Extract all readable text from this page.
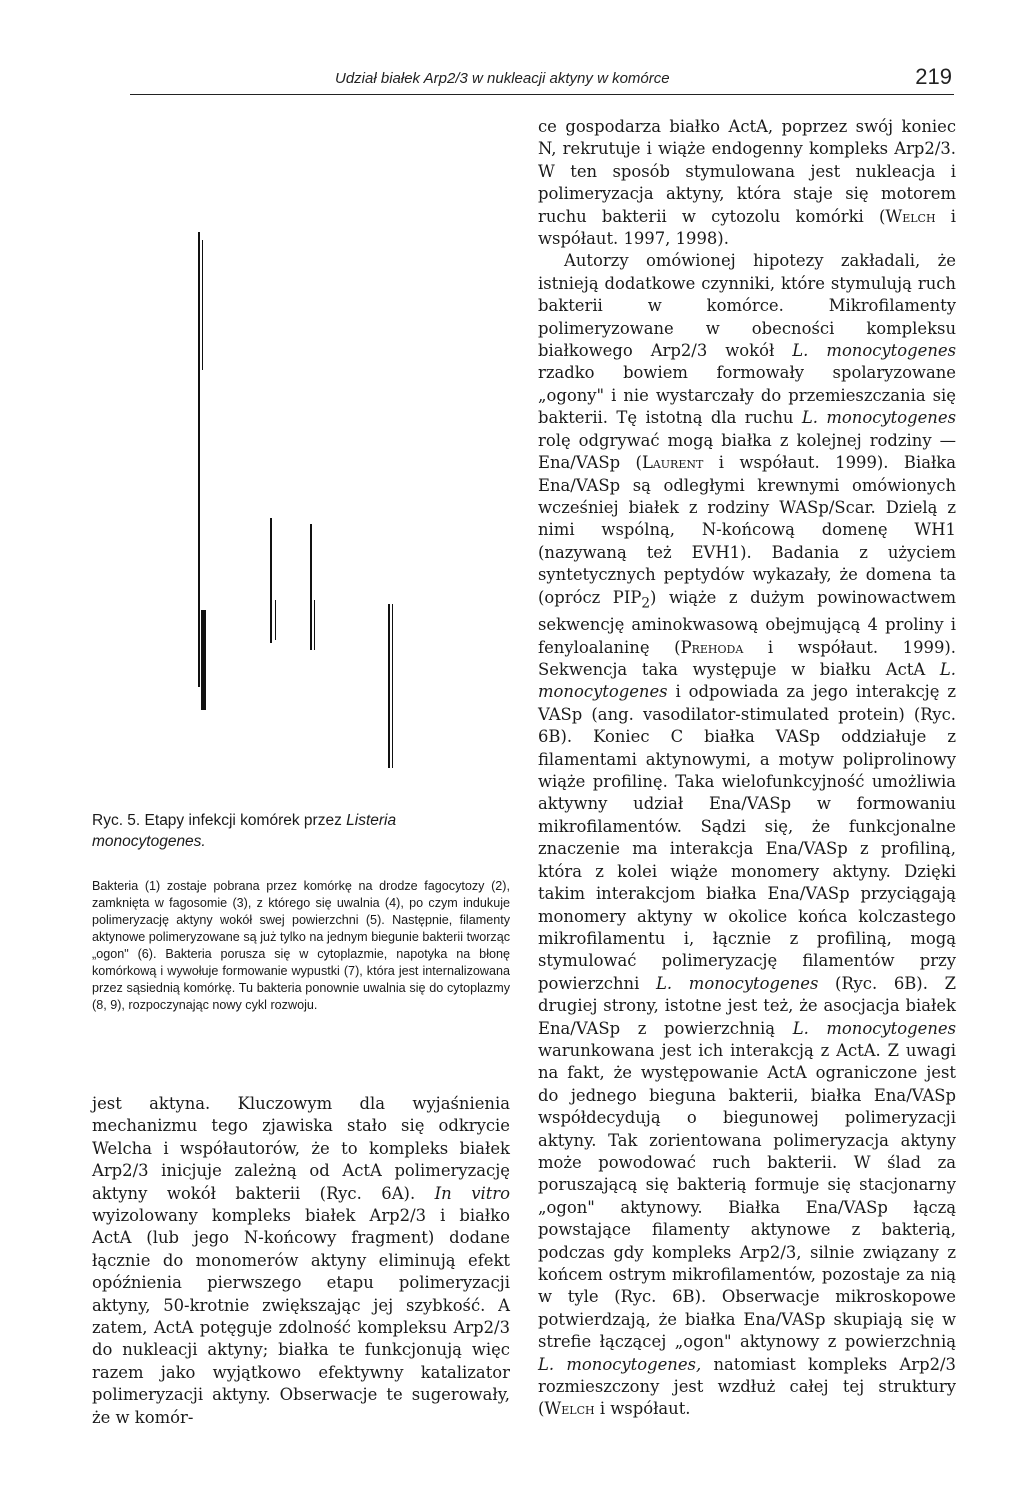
Udział białek Arp2/3 w nukleacji aktyny w komórce	219

ce gospodarza białko ActA, poprzez swój koniec N, rekrutuje i wiąże endogenny kompleks Arp2/3. W ten sposób stymulowana jest nukleacja i polimeryzacja aktyny, która staje się motorem ruchu bakterii w cytozolu komórki (Welch i współaut. 1997, 1998).

Autorzy omówionej hipotezy zakładali, że istnieją dodatkowe czynniki, które stymulują ruch bakterii w komórce. Mikrofilamenty polimeryzowane w obecności kompleksu białkowego Arp2/3 wokół L. monocytogenes rzadko bowiem formowały spolaryzowane „ogony" i nie wystarczały do przemieszczania się bakterii. Tę istotną dla ruchu L. monocytogenes rolę odgrywać mogą białka z kolejnej rodziny — Ena/VASp (Laurent i współaut. 1999). Białka Ena/VASp są odległymi krewnymi omówionych wcześniej białek z rodziny WASp/Scar. Dzielą z nimi wspólną, N-końcową domenę WH1 (nazywaną też EVH1). Badania z użyciem syntetycznych peptydów wykazały, że domena ta (oprócz $PIP_2$) wiąże z dużym powinowactwem sekwencję aminokwasową obejmującą 4 proliny i fenyloalaninę (Prehoda i współaut. 1999). Sekwencja taka występuje w białku ActA L. monocytogenes i odpowiada za jego interakcję z VASp (ang. vasodilator-stimulated protein) (Ryc. 6B). Koniec C białka VASp oddziałuje z filamentami aktynowymi, a motyw poliprolinowy wiąże profilinę. Taka wielofunkcyjność umożliwia aktywny udział Ena/VASp w formowaniu mikrofilamentów. Sądzi się, że funkcjonalne znaczenie ma interakcja Ena/VASp z profiliną, która z kolei wiąże monomery aktyny. Dzięki takim interakcjom białka Ena/VASp przyciągają monomery aktyny w okolice końca kolczastego mikrofilamentu i, łącznie z profiliną, mogą stymulować polimeryzację filamentów przy powierzchni L. monocytogenes (Ryc. 6B). Z drugiej strony, istotne jest też, że asocjacja białek Ena/VASp z powierzchnią L. monocytogenes warunkowana jest ich interakcją z ActA. Z uwagi na fakt, że występowanie ActA ograniczone jest do jednego bieguna bakterii, białka Ena/VASp współdecydują o biegunowej polimeryzacji aktyny. Tak zorientowana polimeryzacja aktyny może powodować ruch bakterii. W ślad za poruszającą się bakterią formuje się stacjonarny „ogon" aktynowy. Białka Ena/VASp łączą powstające filamenty aktynowe z bakterią, podczas gdy kompleks Arp2/3, silnie związany z końcem ostrym mikrofilamentów, pozostaje za nią w tyle (Ryc. 6B). Obserwacje mikroskopowe potwierdzają, że białka Ena/VASp skupiają się w strefie łączącej „ogon" aktynowy z powierzchnią L. monocytogenes, natomiast kompleks Arp2/3 rozmieszczony jest wzdłuż całej tej struktury (Welch i współaut.

Ryc. 5. Etapy infekcji komórek przez Listeria monocytogenes.

Bakteria (1) zostaje pobrana przez komórkę na drodze fagocytozy (2), zamknięta w fagosomie (3), z którego się uwalnia (4), po czym indukuje polimeryzację aktyny wokół swej powierzchni (5). Następnie, filamenty aktynowe polimeryzowane są już tylko na jednym biegunie bakterii tworząc „ogon" (6). Bakteria porusza się w cytoplazmie, napotyka na błonę komórkową i wywołuje formowanie wypustki (7), która jest internalizowana przez sąsiednią komórkę. Tu bakteria ponownie uwalnia się do cytoplazmy (8, 9), rozpoczynając nowy cykl rozwoju.

jest aktyna. Kluczowym dla wyjaśnienia mechanizmu tego zjawiska stało się odkrycie Welcha i współautorów, że to kompleks białek Arp2/3 inicjuje zależną od ActA polimeryzację aktyny wokół bakterii (Ryc. 6A). In vitro wyizolowany kompleks białek Arp2/3 i białko ActA (lub jego N-końcowy fragment) dodane łącznie do monomerów aktyny eliminują efekt opóźnienia pierwszego etapu polimeryzacji aktyny, 50-krotnie zwiększając jej szybkość. A zatem, ActA potęguje zdolność kompleksu Arp2/3 do nukleacji aktyny; białka te funkcjonują więc razem jako wyjątkowo efektywny katalizator polimeryzacji aktyny. Obserwacje te sugerowały, że w komór-
